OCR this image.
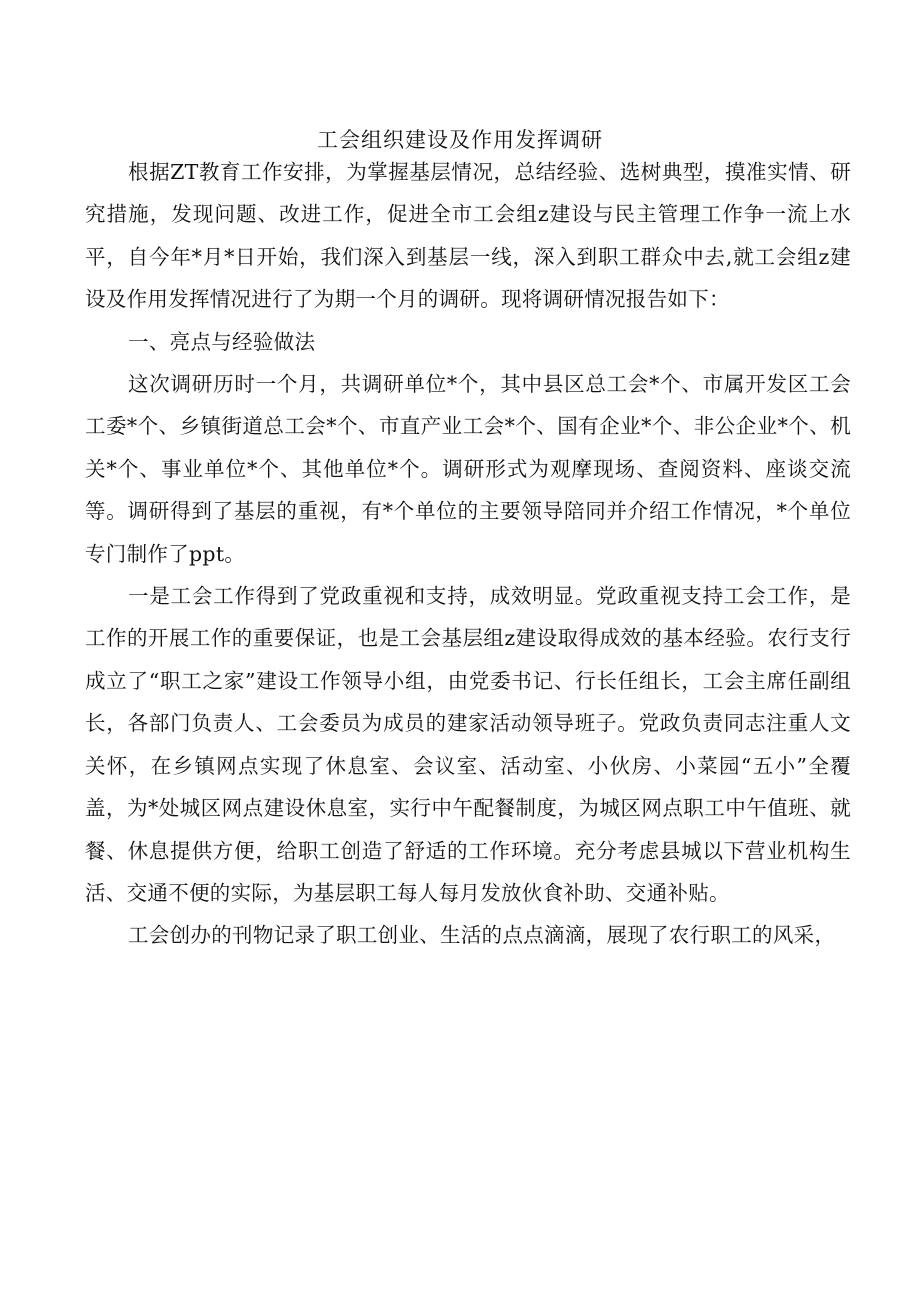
工会组织建设及作用发挥调研

根据ZT教育工作安排，为掌握基层情况，总结经验、选树典型，摸准实情、研究措施，发现问题、改进工作，促进全市工会组z建设与民主管理工作争一流上水平，自今年*月*日开始，我们深入到基层一线，深入到职工群众中去,就工会组z建设及作用发挥情况进行了为期一个月的调研。现将调研情况报告如下：

一、亮点与经验做法

这次调研历时一个月，共调研单位*个，其中县区总工会*个、市属开发区工会工委*个、乡镇街道总工会*个、市直产业工会*个、国有企业*个、非公企业*个、机关*个、事业单位*个、其他单位*个。调研形式为观摩现场、查阅资料、座谈交流等。调研得到了基层的重视，有*个单位的主要领导陪同并介绍工作情况，*个单位专门制作了ppt。

一是工会工作得到了党政重视和支持，成效明显。党政重视支持工会工作，是工作的开展工作的重要保证，也是工会基层组z建设取得成效的基本经验。农行支行成立了“职工之家”建设工作领导小组，由党委书记、行长任组长，工会主席任副组长，各部门负责人、工会委员为成员的建家活动领导班子。党政负责同志注重人文关怀，在乡镇网点实现了休息室、会议室、活动室、小伙房、小菜园“五小”全覆盖，为*处城区网点建设休息室，实行中午配餐制度，为城区网点职工中午值班、就餐、休息提供方便，给职工创造了舒适的工作环境。充分考虑县城以下营业机构生活、交通不便的实际，为基层职工每人每月发放伙食补助、交通补贴。

工会创办的刊物记录了职工创业、生活的点点滴滴，展现了农行职工的风采，
